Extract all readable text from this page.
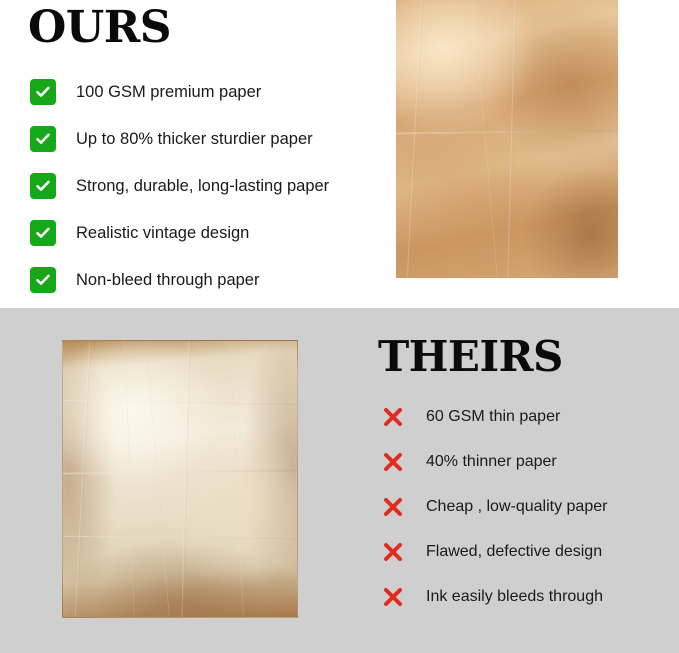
OURS
100 GSM premium paper
Up to 80% thicker sturdier paper
Strong, durable, long-lasting paper
Realistic vintage design
Non-bleed through paper
THEIRS
60 GSM thin paper
40% thinner paper
Cheap , low-quality paper
Flawed, defective design
Ink easily bleeds through
